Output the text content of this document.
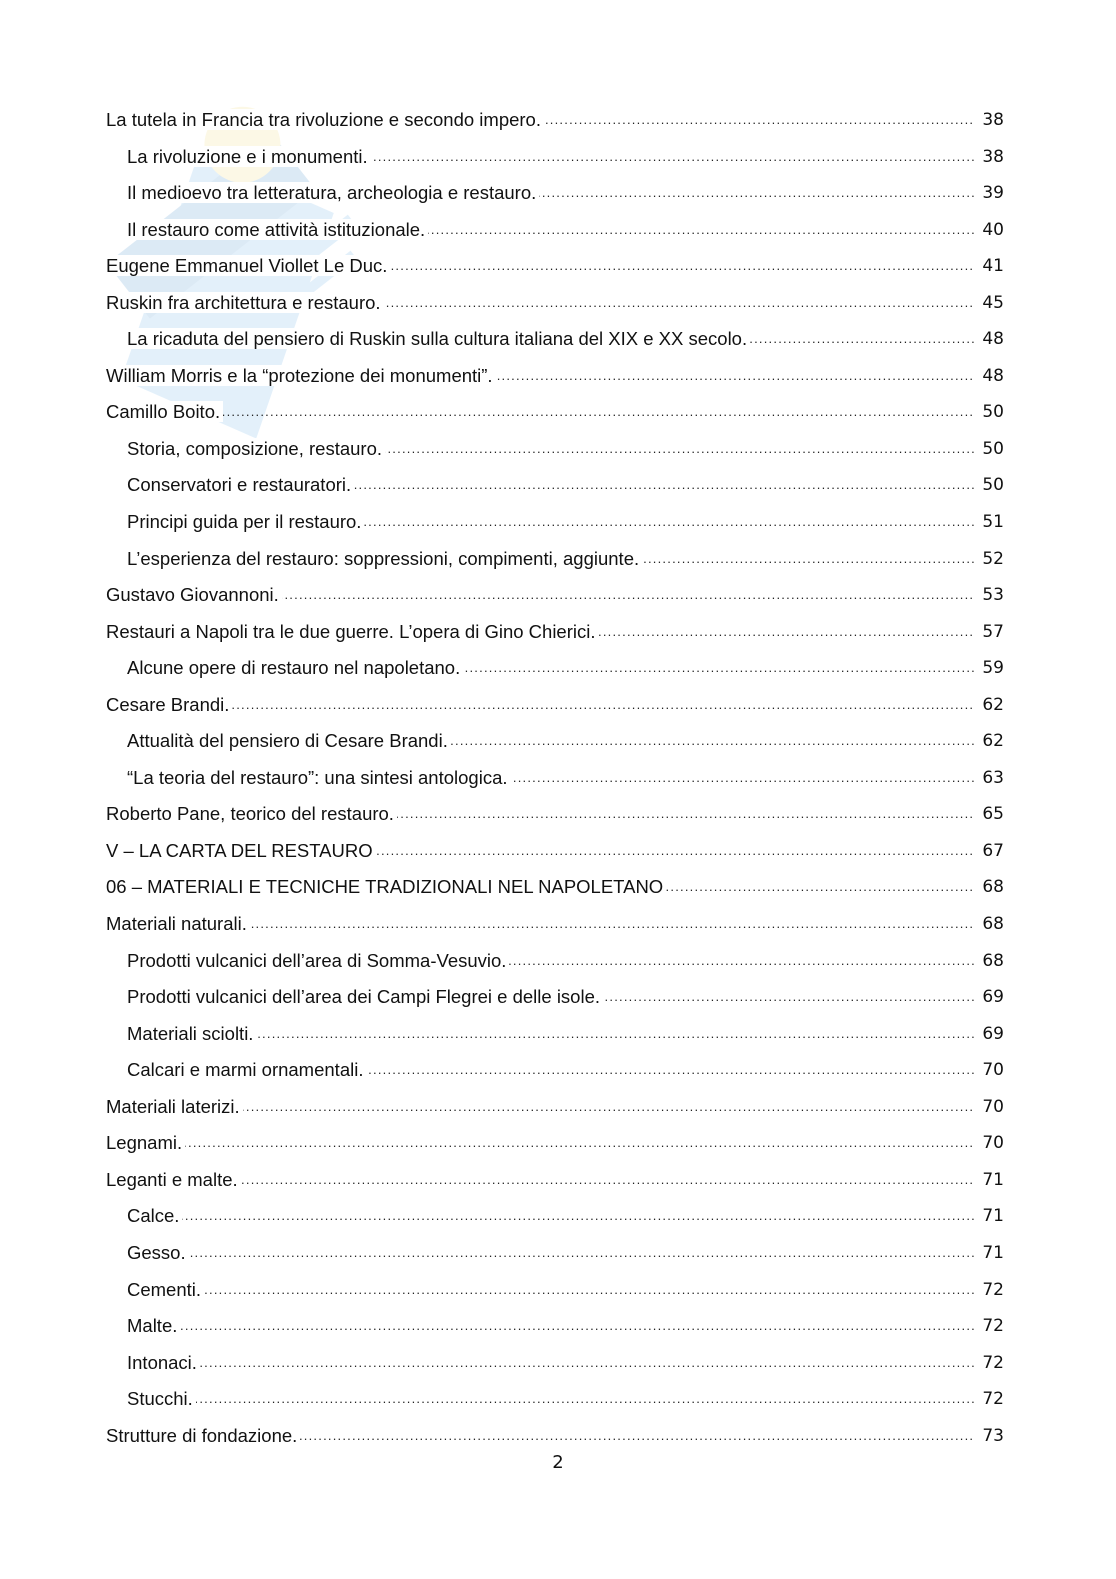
. . .
La tutela in Francia tra rivoluzione e secondo impero.	38
. . .
La rivoluzione e i monumenti.	38
. . .
Il medioevo tra letteratura, archeologia e restauro.	39
. . .
Il restauro come attività istituzionale.	40
. . .
Eugene Emmanuel Viollet Le Duc.	41
. . .
Ruskin fra architettura e restauro.	45
. . .
La ricaduta del pensiero di Ruskin sulla cultura italiana del XIX e XX secolo.	48
. . .
William Morris e la “protezione dei monumenti”.	48
. . .
Camillo Boito.	50
. . .
Storia, composizione, restauro.	50
. . .
Conservatori e restauratori.	50
. . .
Principi guida per il restauro.	51
. . .
L’esperienza del restauro: soppressioni, compimenti, aggiunte.	52
. . .
Gustavo Giovannoni.	53
. . .
Restauri a Napoli tra le due guerre. L’opera di Gino Chierici.	57
. . .
Alcune opere di restauro nel napoletano.	59
. . .
Cesare Brandi.	62
. . .
Attualità del pensiero di Cesare Brandi.	62
. . .
“La teoria del restauro”: una sintesi antologica.	63
. . .
Roberto Pane, teorico del restauro.	65
. . .
V – LA CARTA DEL RESTAURO	67
. . .
06 – MATERIALI E TECNICHE TRADIZIONALI NEL NAPOLETANO	68
. . .
Materiali naturali.	68
. . .
Prodotti vulcanici dell’area di Somma-Vesuvio.	68
. . .
Prodotti vulcanici dell’area dei Campi Flegrei e delle isole.	69
. . .
Materiali sciolti.	69
. . .
Calcari e marmi ornamentali.	70
. . .
Materiali laterizi.	70
. . .
Legnami.	70
. . .
Leganti e malte.	71
. . .
Calce.	71
. . .
Gesso.	71
. . .
Cementi.	72
. . .
Malte.	72
. . .
Intonaci.	72
. . .
Stucchi.	72
. . .
Strutture di fondazione.	73
2
